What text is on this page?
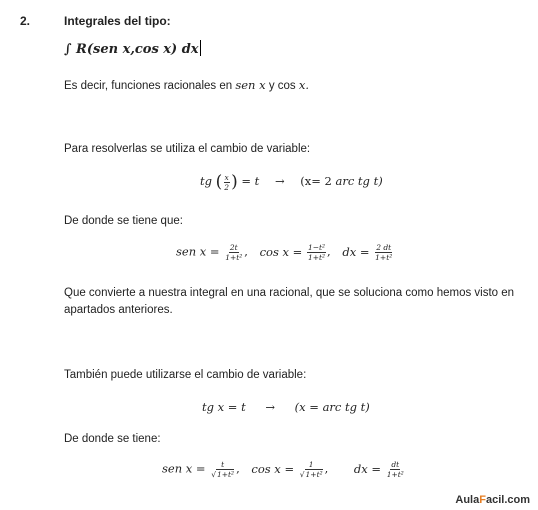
2.	Integrales del tipo:
∫ R(sen x,cos x) dx
Es decir, funciones racionales en sen x y cos x.
Para resolverlas se utiliza el cambio de variable:
tg ( $\frac{x}{2}$ ) = t → (x= 2 arc tg t)
De donde se tiene que:
sen $x = \frac{2t}{\text{1+t²}}$ , $\cos x = \frac{\text{1−t²}}{\text{1+t²}}$ , dx = $\frac{2 dt}{\text{1+t²}}$
Que convierte a nuestra integral en una racional, que se soluciona como hemos visto en
apartados anteriores.
También puede utilizarse el cambio de variable:
tg x = t → (x = arc tg t)
De donde se tiene:
sen $x = \frac{t}{\text{√1+t²}}$ , $\cos x = \frac{1}{\text{√1+t²}}$ , dx = $\frac{dt}{\text{1+t²}}$
AulaFacil.com
